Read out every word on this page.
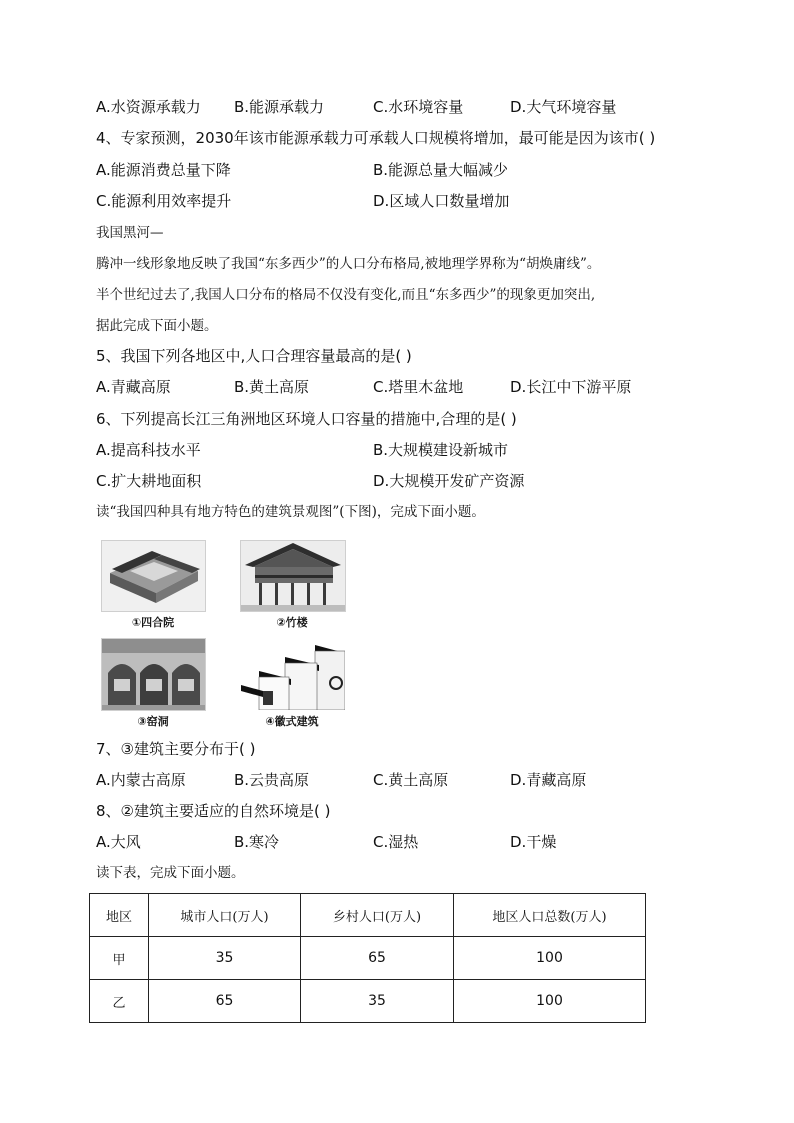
A.水资源承载力 B.能源承载力	C.水环境容量	D.大气环境容量
4、专家预测，2030年该市能源承载力可承载人口规模将增加，最可能是因为该市( )
A.能源消费总量下降	B.能源总量大幅减少
C.能源利用效率提升	D.区域人口数量增加
我国黑河—
腾冲一线形象地反映了我国“东多西少”的人口分布格局,被地理学界称为“胡焕庸线”。
半个世纪过去了,我国人口分布的格局不仅没有变化,而且“东多西少”的现象更加突出,
据此完成下面小题。
5、我国下列各地区中,人口合理容量最高的是( )
A.青藏高原	B.黄土高原	C.塔里木盆地	D.长江中下游平原
6、下列提高长江三角洲地区环境人口容量的措施中,合理的是( )
A.提高科技水平	B.大规模建设新城市
C.扩大耕地面积	D.大规模开发矿产资源
读“我国四种具有地方特色的建筑景观图”(下图)，完成下面小题。
①四合院	②竹楼
③窑洞	④徽式建筑
7、③建筑主要分布于( )
A.内蒙古高原	B.云贵高原	C.黄土高原	D.青藏高原
8、②建筑主要适应的自然环境是( )
A.大风	B.寒冷	C.湿热	D.干燥
读下表，完成下面小题。
地区	城市人口(万人)	乡村人口(万人)	地区人口总数(万人)
甲	35	65	100
乙	65	35	100
